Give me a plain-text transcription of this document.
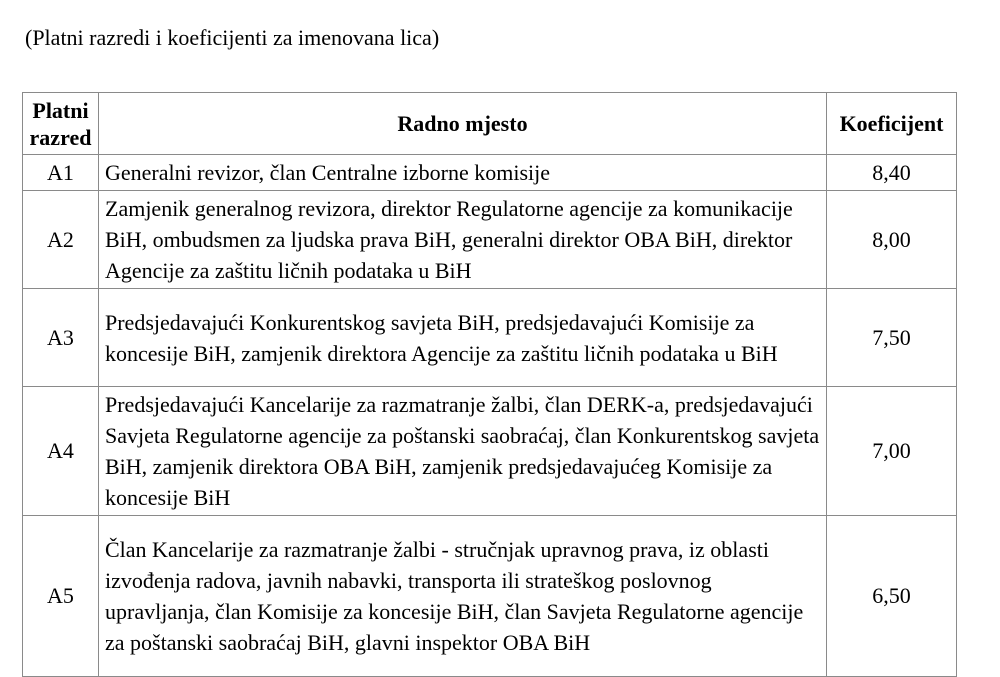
(Platni razredi i koeficijenti za imenovana lica)
Platni razred	Radno mjesto	Koeficijent
A1	Generalni revizor, član Centralne izborne komisije	8,40
A2	Zamjenik generalnog revizora, direktor Regulatorne agencije za komunikacije BiH, ombudsmen za ljudska prava BiH, generalni direktor OBA BiH, direktor Agencije za zaštitu ličnih podataka u BiH	8,00
A3	Predsjedavajući Konkurentskog savjeta BiH, predsjedavajući Komisije za koncesije BiH, zamjenik direktora Agencije za zaštitu ličnih podataka u BiH	7,50
A4	Predsjedavajući Kancelarije za razmatranje žalbi, član DERK-a, predsjedavajući Savjeta Regulatorne agencije za poštanski saobraćaj, član Konkurentskog savjeta BiH, zamjenik direktora OBA BiH, zamjenik predsjedavajućeg Komisije za koncesije BiH	7,00
A5	Član Kancelarije za razmatranje žalbi - stručnjak upravnog prava, iz oblasti izvođenja radova, javnih nabavki, transporta ili strateškog poslovnog upravljanja, član Komisije za koncesije BiH, član Savjeta Regulatorne agencije za poštanski saobraćaj BiH, glavni inspektor OBA BiH	6,50
